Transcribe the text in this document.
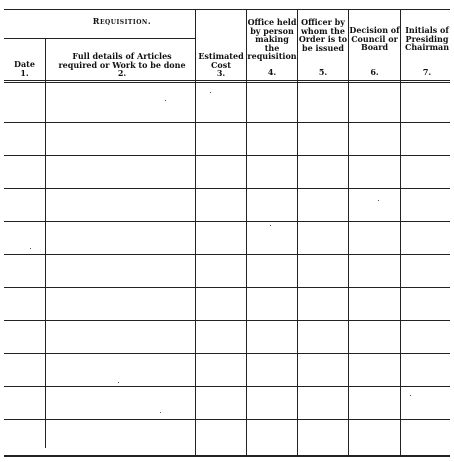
Requisition.
Date
1.
Full details of Articles required or Work to be done
2.
Estimated Cost
3.
Office held by person making the requisition
4.
Officer by whom the Order is to be issued
5.
Decision of Council or Board
6.
Initials of Presiding Chairman
7.
